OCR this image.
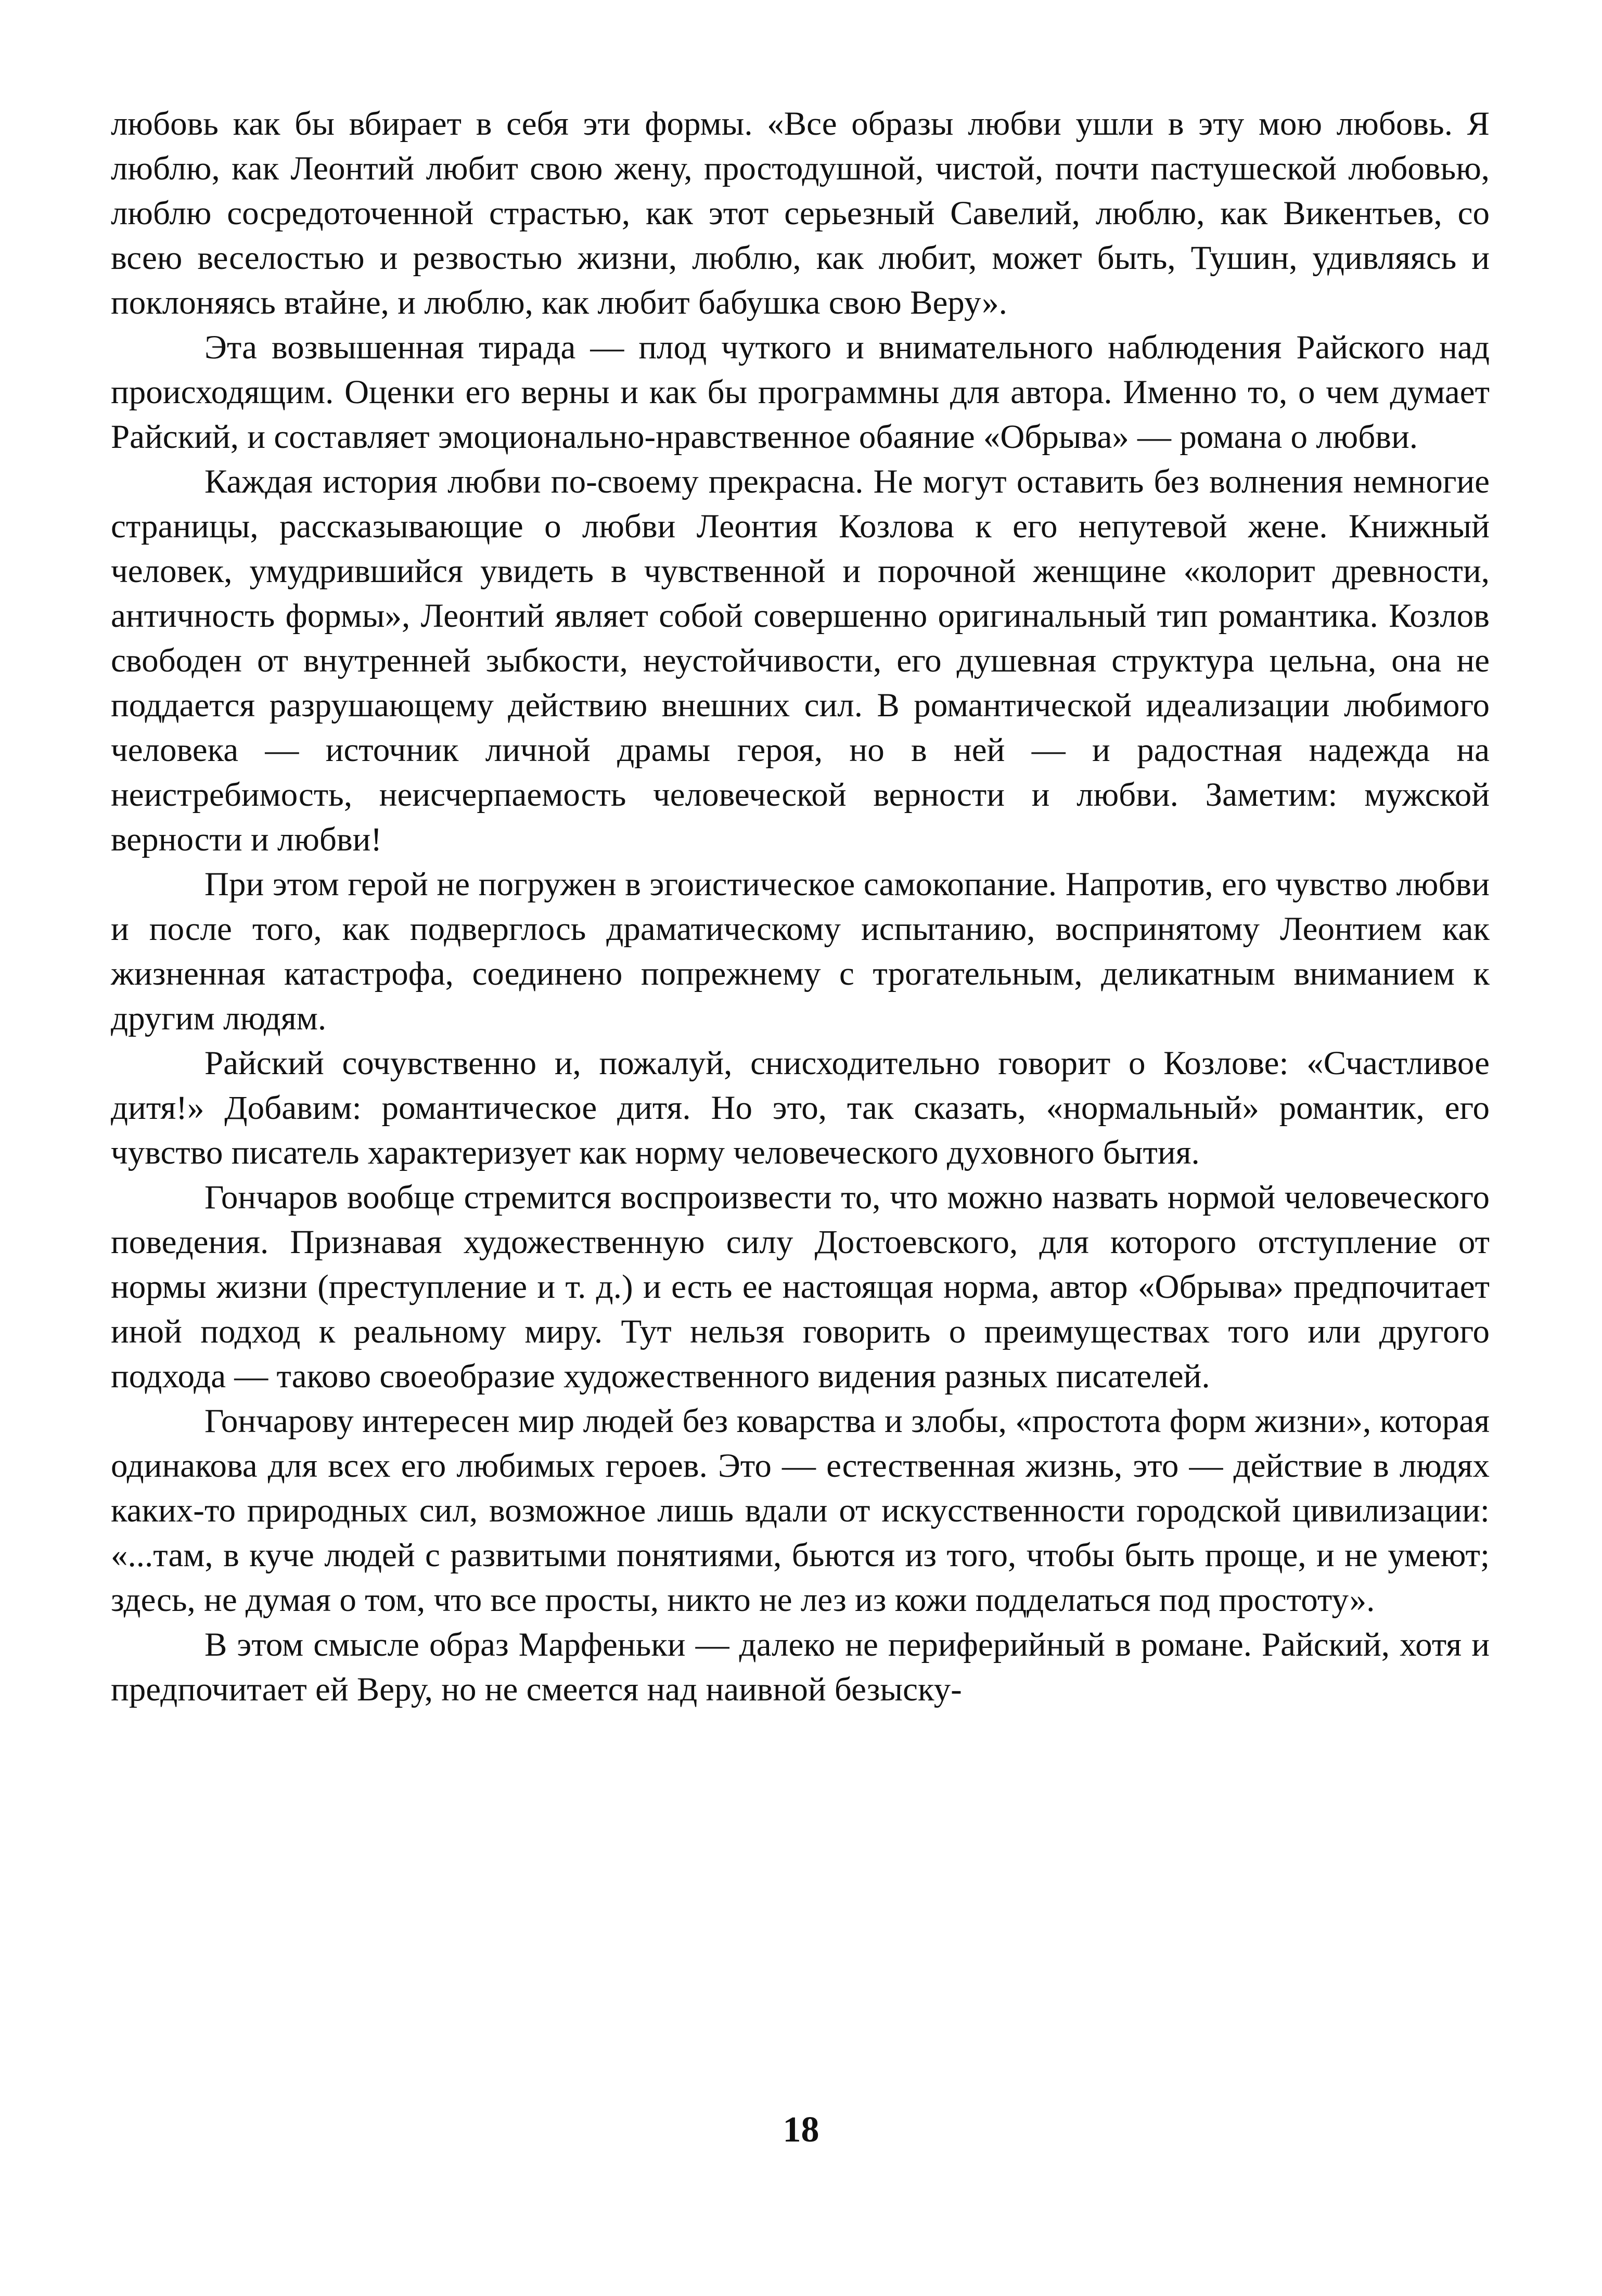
любовь как бы вбирает в себя эти формы. «Все образы любви ушли в эту мою любовь. Я люблю, как Леонтий любит свою жену, простодушной, чистой, почти пастушеской любовью, люблю сосредоточенной страстью, как этот серьезный Савелий, люблю, как Викентьев, со всею веселостью и резвостью жизни, люблю, как любит, может быть, Тушин, удивляясь и поклоняясь втайне, и люблю, как любит бабушка свою Веру».

Эта возвышенная тирада — плод чуткого и внимательного наблюдения Райского над происходящим. Оценки его верны и как бы программны для автора. Именно то, о чем думает Райский, и составляет эмоционально-нравственное обаяние «Обрыва» — романа о любви.

Каждая история любви по-своему прекрасна. Не могут оставить без волнения немногие страницы, рассказывающие о любви Леонтия Козлова к его непутевой жене. Книжный человек, умудрившийся увидеть в чувственной и порочной женщине «колорит древности, античность формы», Леонтий являет собой совершенно оригинальный тип романтика. Козлов свободен от внутренней зыбкости, неустойчивости, его душевная структура цельна, она не поддается разрушающему действию внешних сил. В романтической идеализации любимого человека — источник личной драмы героя, но в ней — и радостная надежда на неистребимость, неисчерпаемость человеческой верности и любви. Заметим: мужской верности и любви!

При этом герой не погружен в эгоистическое самокопание. Напротив, его чувство любви и после того, как подверглось драматическому испытанию, воспринятому Леонтием как жизненная катастрофа, соединено попрежнему с трогательным, деликатным вниманием к другим людям.

Райский сочувственно и, пожалуй, снисходительно говорит о Козлове: «Счастливое дитя!» Добавим: романтическое дитя. Но это, так сказать, «нормальный» романтик, его чувство писатель характеризует как норму человеческого духовного бытия.

Гончаров вообще стремится воспроизвести то, что можно назвать нормой человеческого поведения. Признавая художественную силу Достоевского, для которого отступление от нормы жизни (преступление и т. д.) и есть ее настоящая норма, автор «Обрыва» предпочитает иной подход к реальному миру. Тут нельзя говорить о преимуществах того или другого подхода — таково своеобразие художественного видения разных писателей.

Гончарову интересен мир людей без коварства и злобы, «простота форм жизни», которая одинакова для всех его любимых героев. Это — естественная жизнь, это — действие в людях каких-то природных сил, возможное лишь вдали от искусственности городской цивилизации: «...там, в куче людей с развитыми понятиями, бьются из того, чтобы быть проще, и не умеют; здесь, не думая о том, что все просты, никто не лез из кожи подделаться под простоту».

В этом смысле образ Марфеньки — далеко не периферийный в романе. Райский, хотя и предпочитает ей Веру, но не смеется над наивной безыску-

18
